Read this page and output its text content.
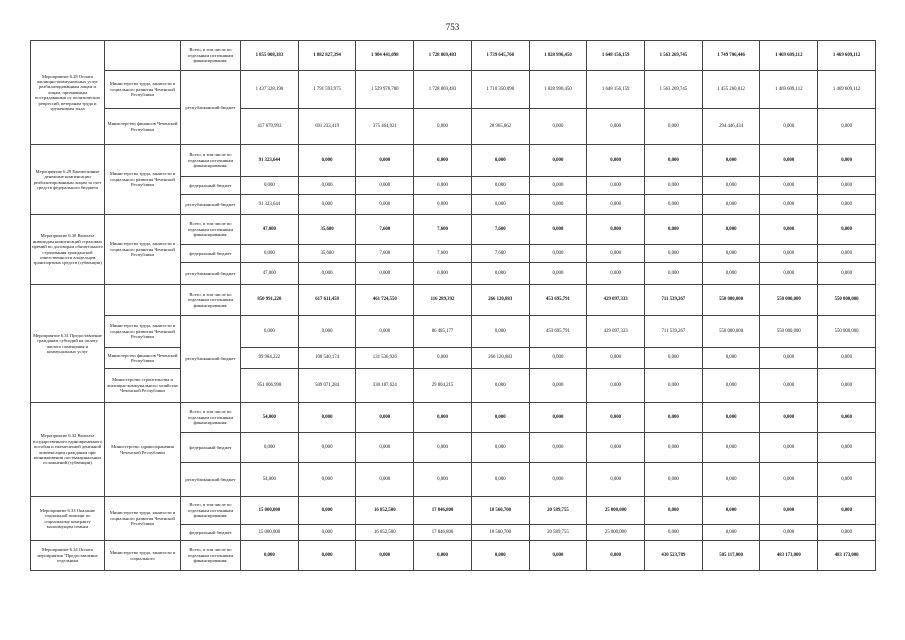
753
Мероприятие 6.28 Оплата жилищно-коммунальных услуг реабилитированным лицам и лицам, признанным пострадавшими от политических репрессий, ветеранам труда и труженикам тыла		Всего, в том числе по отдельным источникам финансирования:	1 855 008,183	1 882 827,394	1 904 441,098	1 728 869,483	1 739 645,760	1 828 996,450	1 648 156,159	1 563 269,745	1 749 706,446	1 469 609,112	1 469 609,112
	Министерство труда, занятости и социального развития Чеченской Республики	республиканский бюджет	1 437 328,190	1 791 593,975	1 529 976,780	1 728 869,483	1 710 350,098	1 828 990,450	1 648 156,159	1 563 269,745	1 455 260,012	1 469 609,112	1 469 609,112
	Министерство финансов Чеченской Республики		417 679,993	691 233,419	375 464,921	0,000	28 965,662	0,000	0,000	0,000	294 446,434	0,000	0,000
Мероприятие 6.29 Ежемесячные денежные компенсации реабилитированным лицам за счет средств федерального бюджета	Министерство труда, занятости и социального развития Чеченской Республики	Всего, в том числе по отдельным источникам финансирования:	91 323,644	0,000	0,000	0,000	0,000	0,000	0,000	0,000	0,000	0,000	0,000
		федеральный бюджет	0,000	0,000	0,000	0,000	0,000	0,000	0,000	0,000	0,000	0,000	0,000
		республиканский бюджет	91 323,644	0,000	0,000	0,000	0,000	0,000	0,000	0,000	0,000	0,000	0,000
Мероприятие 6.30 Выплата инвалидам компенсаций страховых премий по договорам обязательного страхования гражданской ответственности владельцев транспортных средств (субвенции)	Министерство труда, занятости и социального развития Чеченской Республики	Всего, в том числе по отдельным источникам финансирования:	47,000	35,600	7,600	7,600	7,600	0,000	0,000	0,000	0,000	0,000	0,000
		федеральный бюджет	0,000	35,600	7,600	7,600	7,600	0,000	0,000	0,000	0,000	0,000	0,000
		республиканский бюджет	47,000	0,000	0,000	0,000	0,000	0,000	0,000	0,000	0,000	0,000	0,000
Мероприятие 6.31 Предоставление гражданам субсидий на оплату жилого помещения и коммунальных услуг		Всего, в том числе по отдельным источникам финансирования:	850 991,220	617 611,458	461 724,550	116 289,392	266 120,883	453 695,791	429 097,333	711 539,267	550 000,000	550 000,000	550 000,000
	Министерство труда, занятости и социального развития Чеченской Республики	республиканский бюджет	0,000	0,000	0,000	86 485,177	0,000	453 695,791	429 097,333	711 539,267	550 000,000	550 000,000	550 000,000
	Министерство финансов Чеченской Республики		99 984,222	108 540,174	131 536,926	0,000	266 120,883	0,000	0,000	0,000	0,000	0,000	0,000
	Министерство строительства и жилищно-коммунального хозяйства Чеченской Республики		851 006,998	509 071,284	330 187,624	29 804,215	0,000	0,000	0,000	0,000	0,000	0,000	0,000
Мероприятие 6.32 Выплата государственного единовременного пособия и ежемесячной денежной компенсации гражданам при возникновении поствакцинальных осложнений (субвенции)	Министерство здравоохранения Чеченской Республики	Всего, в том числе по отдельным источникам финансирования:	54,000	0,000	0,000	0,000	0,000	0,000	0,000	0,000	0,000	0,000	0,000
		федеральный бюджет	0,000	0,000	0,000	0,000	0,000	0,000	0,000	0,000	0,000	0,000	0,000
		республиканский бюджет	54,000	0,000	0,000	0,000	0,000	0,000	0,000	0,000	0,000	0,000	0,000
Мероприятие 6.33 Оказание социальной помощи по социальному контракту малоимущим семьям	Министерство труда, занятости и социального развития Чеченской Республики	Всего, в том числе по отдельным источникам финансирования:	15 000,000	0,000	16 852,500	17 846,800	18 560,700	20 589,755	25 000,000	0,000	0,000	0,000	0,000
		федеральный бюджет	15 000,000	0,000	16 852,500	17 846,800	18 560,700	20 589,755	25 000,000	0,000	0,000	0,000	0,000
Мероприятие 6.34 Оплата мероприятия "Предоставление отдельным	Министерство труда, занятости и социального	Всего, в том числе по отдельным источникам финансирования:	0,000	0,000	0,000	0,000	0,000	0,000	0,000	430 523,789	505 117,000	483 173,000	483 173,000
